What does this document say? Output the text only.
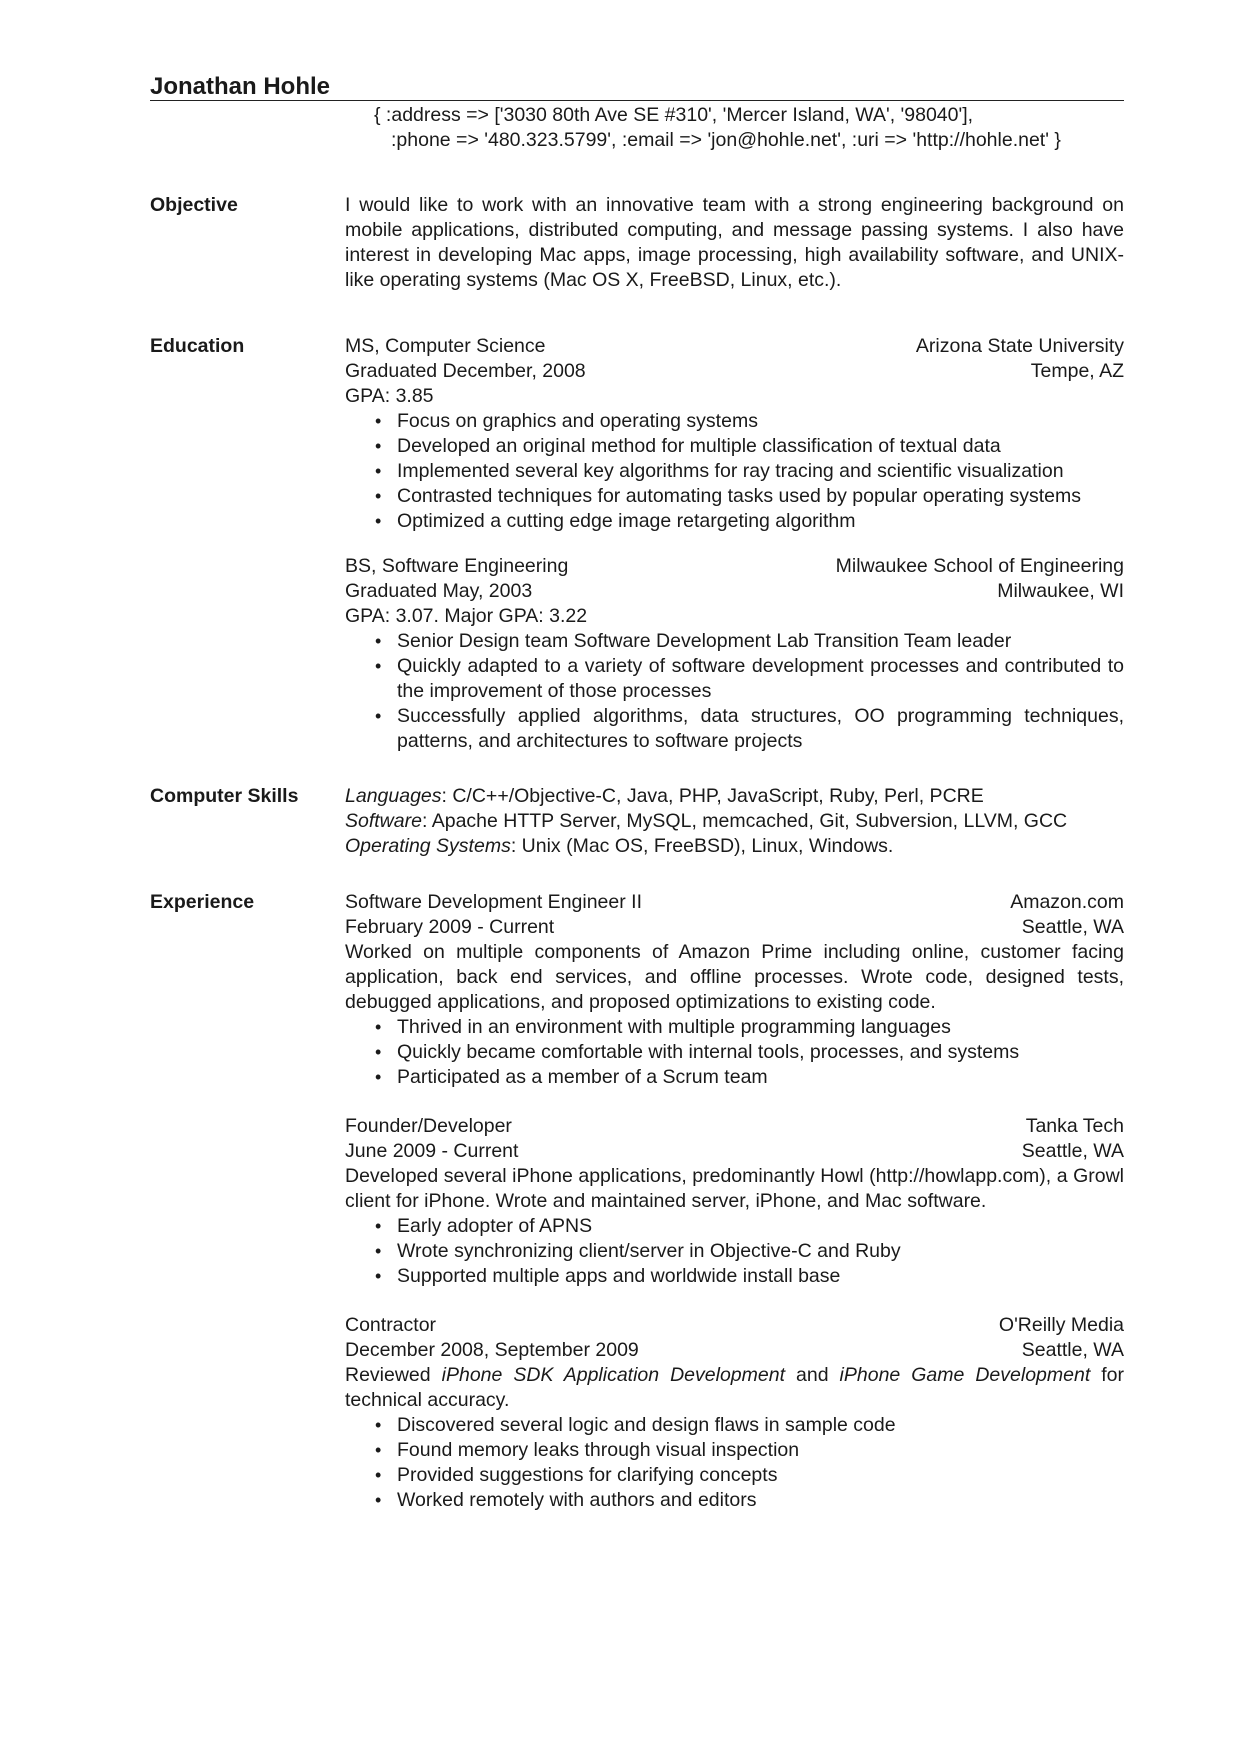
Jonathan Hohle
{ :address => ['3030 80th Ave SE #310', 'Mercer Island, WA', '98040'],
:phone => '480.323.5799', :email => 'jon@hohle.net', :uri => 'http://hohle.net' }
Objective	I would like to work with an innovative team with a strong engineering background on mobile applications, distributed computing, and message passing systems. I also have interest in developing Mac apps, image processing, high availability software, and UNIX-like operating systems (Mac OS X, FreeBSD, Linux, etc.).
Education	MS, Computer Science	Arizona State University
Graduated December, 2008	Tempe, AZ
GPA: 3.85
• Focus on graphics and operating systems
• Developed an original method for multiple classification of textual data
• Implemented several key algorithms for ray tracing and scientific visualization
• Contrasted techniques for automating tasks used by popular operating systems
• Optimized a cutting edge image retargeting algorithm
BS, Software Engineering	Milwaukee School of Engineering
Graduated May, 2003	Milwaukee, WI
GPA: 3.07. Major GPA: 3.22
• Senior Design team Software Development Lab Transition Team leader
• Quickly adapted to a variety of software development processes and contributed to the improvement of those processes
• Successfully applied algorithms, data structures, OO programming techniques, patterns, and architectures to software projects
Computer Skills	Languages: C/C++/Objective-C, Java, PHP, JavaScript, Ruby, Perl, PCRE
Software: Apache HTTP Server, MySQL, memcached, Git, Subversion, LLVM, GCC
Operating Systems: Unix (Mac OS, FreeBSD), Linux, Windows.
Experience	Software Development Engineer II	Amazon.com
February 2009 - Current	Seattle, WA
Worked on multiple components of Amazon Prime including online, customer facing application, back end services, and offline processes. Wrote code, designed tests, debugged applications, and proposed optimizations to existing code.
• Thrived in an environment with multiple programming languages
• Quickly became comfortable with internal tools, processes, and systems
• Participated as a member of a Scrum team
Founder/Developer	Tanka Tech
June 2009 - Current	Seattle, WA
Developed several iPhone applications, predominantly Howl (http://howlapp.com), a Growl client for iPhone. Wrote and maintained server, iPhone, and Mac software.
• Early adopter of APNS
• Wrote synchronizing client/server in Objective-C and Ruby
• Supported multiple apps and worldwide install base
Contractor	O'Reilly Media
December 2008, September 2009	Seattle, WA
Reviewed iPhone SDK Application Development and iPhone Game Development for technical accuracy.
• Discovered several logic and design flaws in sample code
• Found memory leaks through visual inspection
• Provided suggestions for clarifying concepts
• Worked remotely with authors and editors
